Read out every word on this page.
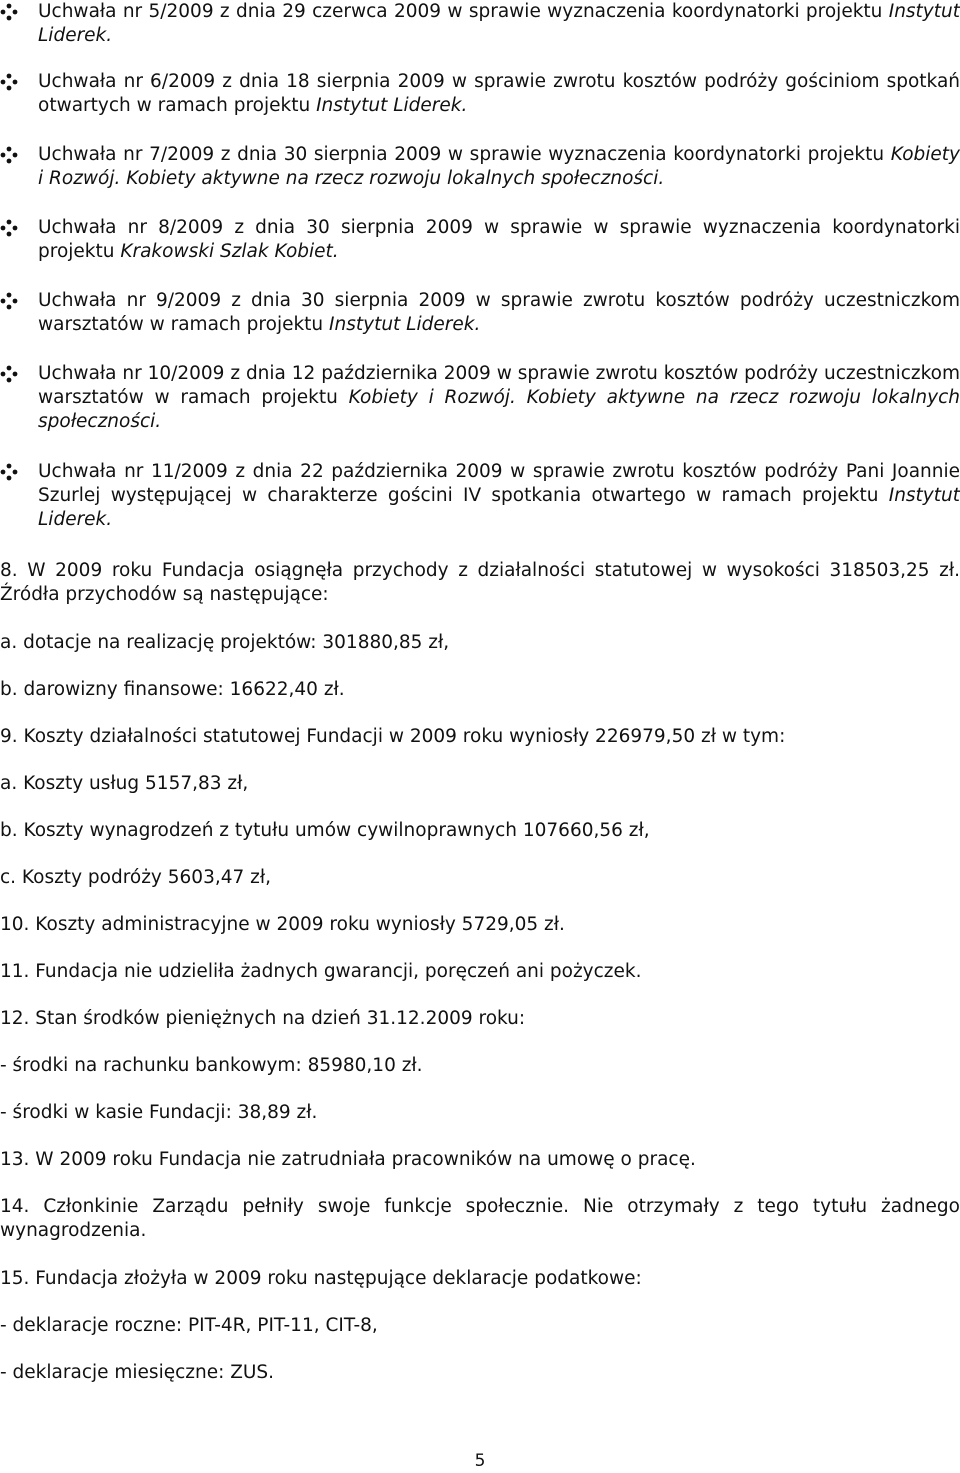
Uchwała nr 5/2009 z dnia 29 czerwca 2009 w sprawie wyznaczenia koordynatorki projektu Instytut Liderek.
Uchwała nr 6/2009 z dnia 18 sierpnia 2009 w sprawie zwrotu kosztów podróży gościniom spotkań otwartych w ramach projektu Instytut Liderek.
Uchwała nr 7/2009 z dnia 30 sierpnia 2009 w sprawie wyznaczenia koordynatorki projektu Kobiety i Rozwój. Kobiety aktywne na rzecz rozwoju lokalnych społeczności.
Uchwała nr 8/2009 z dnia 30 sierpnia 2009 w sprawie w sprawie wyznaczenia koordynatorki projektu Krakowski Szlak Kobiet.
Uchwała nr 9/2009 z dnia 30 sierpnia 2009 w sprawie zwrotu kosztów podróży uczestniczkom warsztatów w ramach projektu Instytut Liderek.
Uchwała nr 10/2009 z dnia 12 października 2009 w sprawie zwrotu kosztów podróży uczestniczkom warsztatów w ramach projektu Kobiety i Rozwój. Kobiety aktywne na rzecz rozwoju lokalnych społeczności.
Uchwała nr 11/2009 z dnia 22 października 2009 w sprawie zwrotu kosztów podróży Pani Joannie Szurlej występującej w charakterze gościni IV spotkania otwartego w ramach projektu Instytut Liderek.
8. W 2009 roku Fundacja osiągnęła przychody z działalności statutowej w wysokości 318503,25 zł. Źródła przychodów są następujące:
a. dotacje na realizację projektów: 301880,85 zł,
b. darowizny finansowe: 16622,40 zł.
9. Koszty działalności statutowej Fundacji w 2009 roku wyniosły 226979,50 zł w tym:
a. Koszty usług 5157,83 zł,
b. Koszty wynagrodzeń z tytułu umów cywilnoprawnych 107660,56 zł,
c. Koszty podróży 5603,47 zł,
10. Koszty administracyjne w 2009 roku wyniosły 5729,05 zł.
11. Fundacja nie udzieliła żadnych gwarancji, poręczeń ani pożyczek.
12. Stan środków pieniężnych na dzień 31.12.2009 roku:
- środki na rachunku bankowym: 85980,10 zł.
- środki w kasie Fundacji: 38,89 zł.
13. W 2009 roku Fundacja nie zatrudniała pracowników na umowę o pracę.
14. Członkinie Zarządu pełniły swoje funkcje społecznie. Nie otrzymały z tego tytułu żadnego wynagrodzenia.
15. Fundacja złożyła w 2009 roku następujące deklaracje podatkowe:
- deklaracje roczne: PIT-4R, PIT-11, CIT-8,
- deklaracje miesięczne: ZUS.
5
